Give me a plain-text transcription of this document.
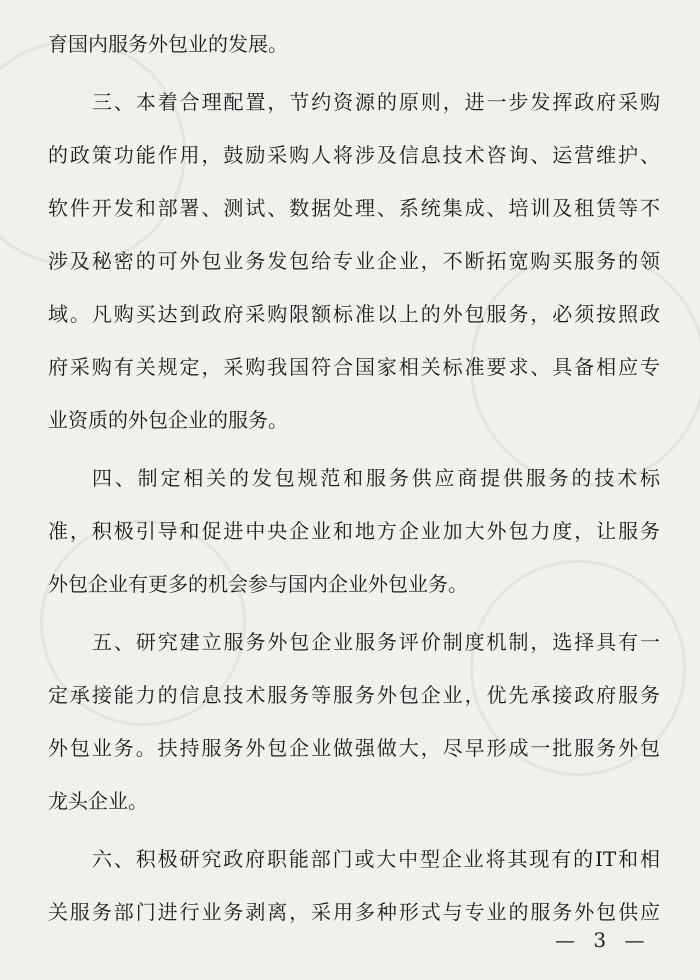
育国内服务外包业的发展。
三、本着合理配置，节约资源的原则，进一步发挥政府采购
的政策功能作用，鼓励采购人将涉及信息技术咨询、运营维护、
软件开发和部署、测试、数据处理、系统集成、培训及租赁等不
涉及秘密的可外包业务发包给专业企业，不断拓宽购买服务的领
域。凡购买达到政府采购限额标准以上的外包服务，必须按照政
府采购有关规定，采购我国符合国家相关标准要求、具备相应专
业资质的外包企业的服务。
四、制定相关的发包规范和服务供应商提供服务的技术标
准，积极引导和促进中央企业和地方企业加大外包力度，让服务
外包企业有更多的机会参与国内企业外包业务。
五、研究建立服务外包企业服务评价制度机制，选择具有一
定承接能力的信息技术服务等服务外包企业，优先承接政府服务
外包业务。扶持服务外包企业做强做大，尽早形成一批服务外包
龙头企业。
六、积极研究政府职能部门或大中型企业将其现有的IT和相
关服务部门进行业务剥离，采用多种形式与专业的服务外包供应
— 3 —
